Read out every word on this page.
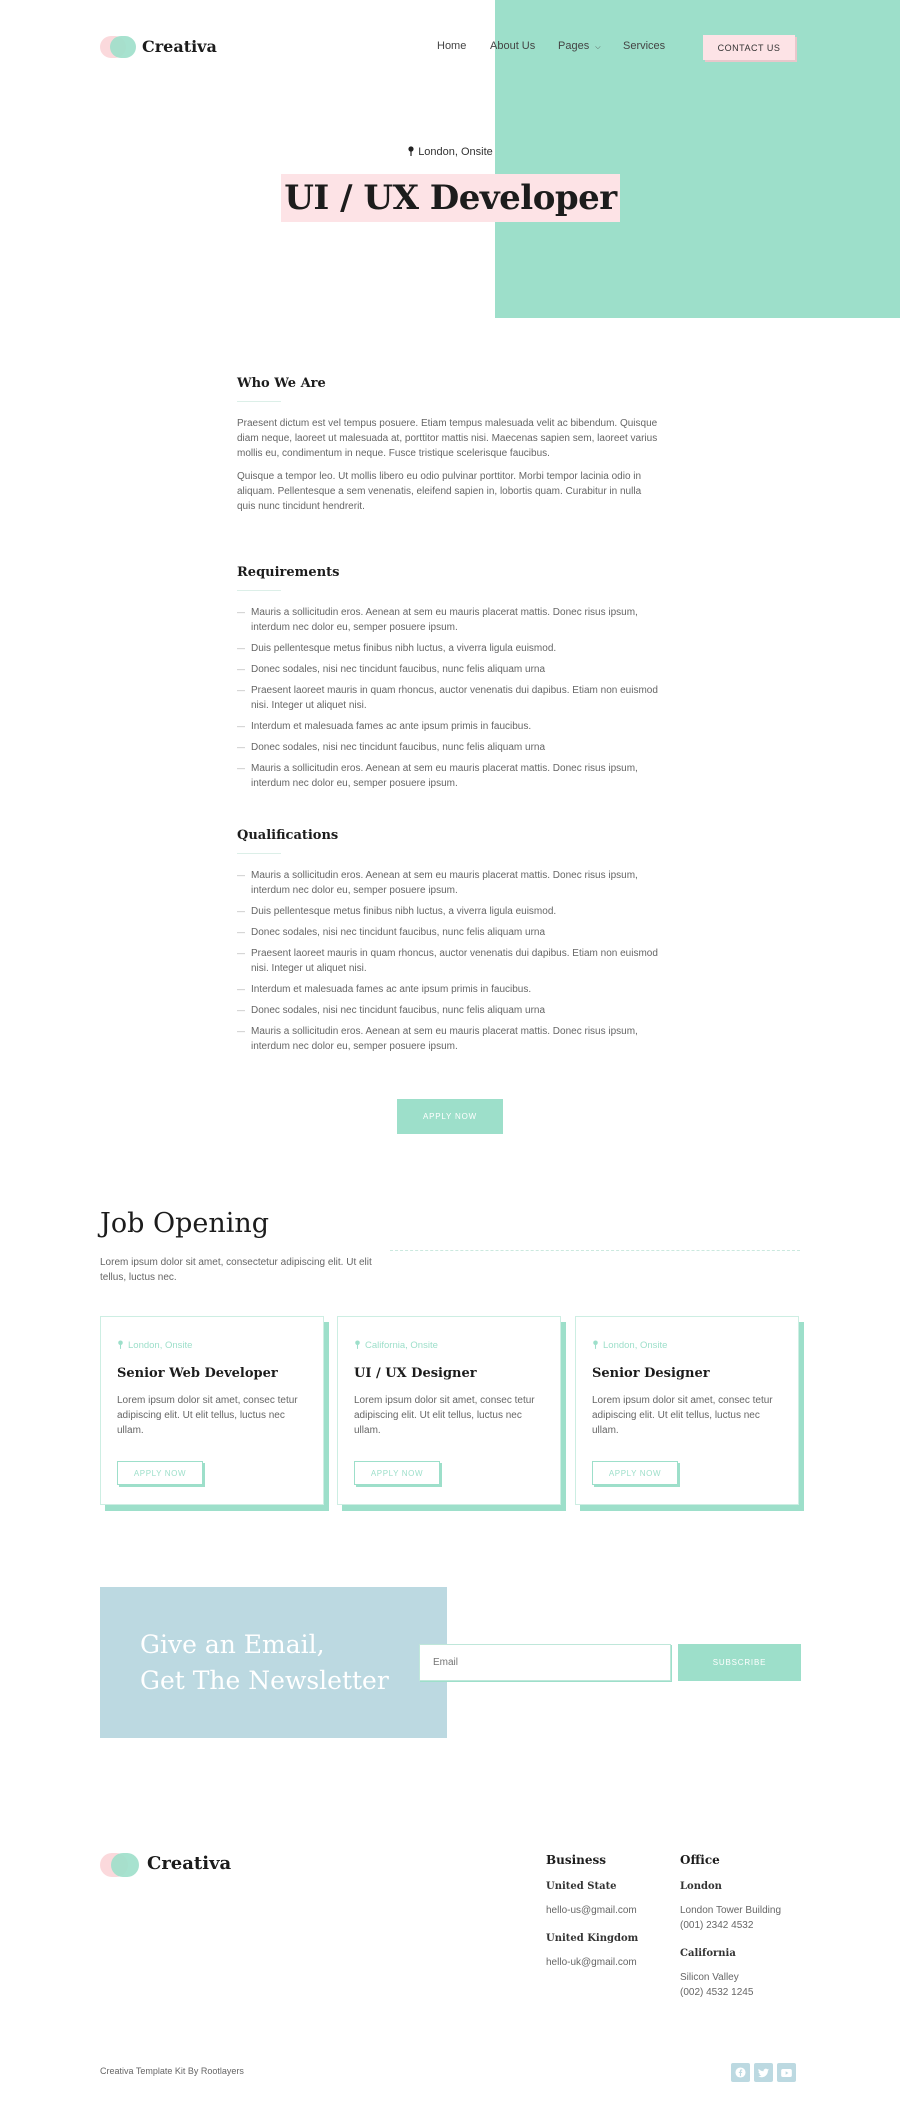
Creativa	Home About Us Pages ⌵ Services	CONTACT US
London, Onsite
UI / UX Developer
Who We Are

Praesent dictum est vel tempus posuere. Etiam tempus malesuada velit ac bibendum. Quisque diam neque, laoreet ut malesuada at, porttitor mattis nisi. Maecenas sapien sem, laoreet varius mollis eu, condimentum in neque. Fusce tristique scelerisque faucibus.

Quisque a tempor leo. Ut mollis libero eu odio pulvinar porttitor. Morbi tempor lacinia odio in aliquam. Pellentesque a sem venenatis, eleifend sapien in, lobortis quam. Curabitur in nulla quis nunc tincidunt hendrerit.

Requirements
— Mauris a sollicitudin eros. Aenean at sem eu mauris placerat mattis. Donec risus ipsum, interdum nec dolor eu, semper posuere ipsum.
— Duis pellentesque metus finibus nibh luctus, a viverra ligula euismod.
— Donec sodales, nisi nec tincidunt faucibus, nunc felis aliquam urna
— Praesent laoreet mauris in quam rhoncus, auctor venenatis dui dapibus. Etiam non euismod nisi. Integer ut aliquet nisi.
— Interdum et malesuada fames ac ante ipsum primis in faucibus.
— Donec sodales, nisi nec tincidunt faucibus, nunc felis aliquam urna
— Mauris a sollicitudin eros. Aenean at sem eu mauris placerat mattis. Donec risus ipsum, interdum nec dolor eu, semper posuere ipsum.
Qualifications
— Mauris a sollicitudin eros. Aenean at sem eu mauris placerat mattis. Donec risus ipsum, interdum nec dolor eu, semper posuere ipsum.
— Duis pellentesque metus finibus nibh luctus, a viverra ligula euismod.
— Donec sodales, nisi nec tincidunt faucibus, nunc felis aliquam urna
— Praesent laoreet mauris in quam rhoncus, auctor venenatis dui dapibus. Etiam non euismod nisi. Integer ut aliquet nisi.
— Interdum et malesuada fames ac ante ipsum primis in faucibus.
— Donec sodales, nisi nec tincidunt faucibus, nunc felis aliquam urna
— Mauris a sollicitudin eros. Aenean at sem eu mauris placerat mattis. Donec risus ipsum, interdum nec dolor eu, semper posuere ipsum.
APPLY NOW
Job Opening
Lorem ipsum dolor sit amet, consectetur adipiscing elit. Ut elit tellus, luctus nec.
London, Onsite
Senior Web Developer

Lorem ipsum dolor sit amet, consec tetur adipiscing elit. Ut elit tellus, luctus nec ullam.

APPLY NOW
California, Onsite
UI / UX Designer

Lorem ipsum dolor sit amet, consec tetur adipiscing elit. Ut elit tellus, luctus nec ullam.

APPLY NOW
London, Onsite
Senior Designer

Lorem ipsum dolor sit amet, consec tetur adipiscing elit. Ut elit tellus, luctus nec ullam.

APPLY NOW
Give an Email,
Get The Newsletter
Email
SUBSCRIBE
Creativa	Business
United State
hello-us@gmail.com
United Kingdom
hello-uk@gmail.com
Office
London
London Tower Building
(001) 2342 4532
California
Silicon Valley
(002) 4532 1245
Creativa Template Kit By Rootlayers
